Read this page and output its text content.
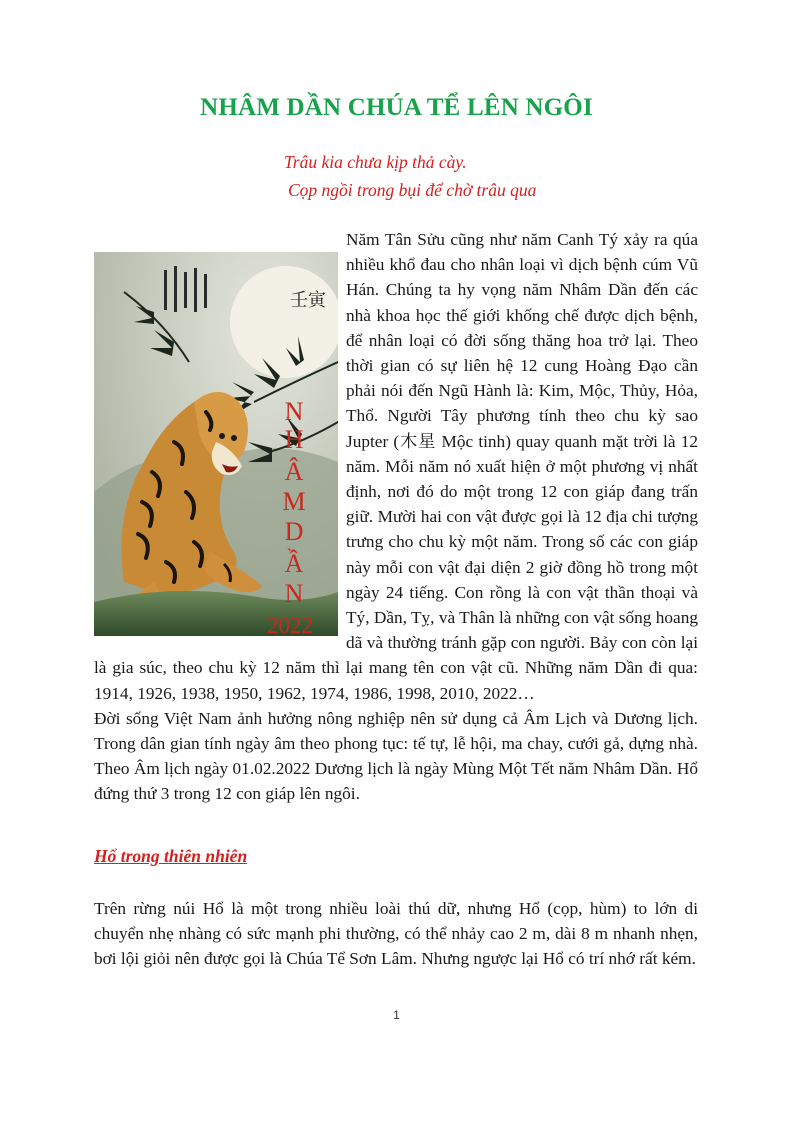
NHÂM DẦN CHÚA TỂ LÊN NGÔI
Trâu kia chưa kịp thả cày.
Cọp ngồi trong bụi để chờ trâu qua
壬寅
N
H
Â
M
D
Ầ
N
2022

Năm Tân Sửu cũng như năm Canh Tý xảy ra qúa nhiều khổ đau cho nhân loại vì dịch bệnh cúm Vũ Hán. Chúng ta hy vọng năm Nhâm Dần đến các nhà khoa học thế giới khống chế được dịch bệnh, để nhân loại có đời sống thăng hoa trở lại. Theo thời gian có sự liên hệ 12 cung Hoàng Đạo cần phải nói đến Ngũ Hành là: Kim, Mộc, Thủy, Hỏa, Thổ. Người Tây phương tính theo chu kỳ sao Jupter (木星 Mộc tinh) quay quanh mặt trời là 12 năm. Mỗi năm nó xuất hiện ở một phương vị nhất định, nơi đó do một trong 12 con giáp đang trấn giữ. Mười hai con vật được gọi là 12 địa chi tượng trưng cho chu kỳ một năm. Trong số các con giáp này mỗi con vật đại diện 2 giờ đồng hồ trong một ngày 24 tiếng. Con rồng là con vật thần thoại và Tý, Dần, Tỵ, và Thân là những con vật sống hoang dã và thường tránh gặp con người. Bảy con còn lại là gia súc, theo chu kỳ 12 năm thì lại mang tên con vật cũ. Những năm Dần đi qua: 1914, 1926, 1938, 1950, 1962, 1974, 1986, 1998, 2010, 2022…

Đời sống Việt Nam ảnh hưởng nông nghiệp nên sử dụng cả Âm Lịch và Dương lịch. Trong dân gian tính ngày âm theo phong tục: tế tự, lễ hội, ma chay, cưới gả, dựng nhà. Theo Âm lịch ngày 01.02.2022 Dương lịch là ngày Mùng Một Tết năm Nhâm Dần. Hổ đứng thứ 3 trong 12 con giáp lên ngôi.

Hổ trong thiên nhiên
Trên rừng núi Hổ là một trong nhiều loài thú dữ, nhưng Hổ (cọp, hùm) to lớn di chuyển nhẹ nhàng có sức mạnh phi thường, có thể nhảy cao 2 m, dài 8 m nhanh nhẹn, bơi lội giỏi nên được gọi là Chúa Tể Sơn Lâm. Nhưng ngược lại Hổ có trí nhớ rất kém.
1
